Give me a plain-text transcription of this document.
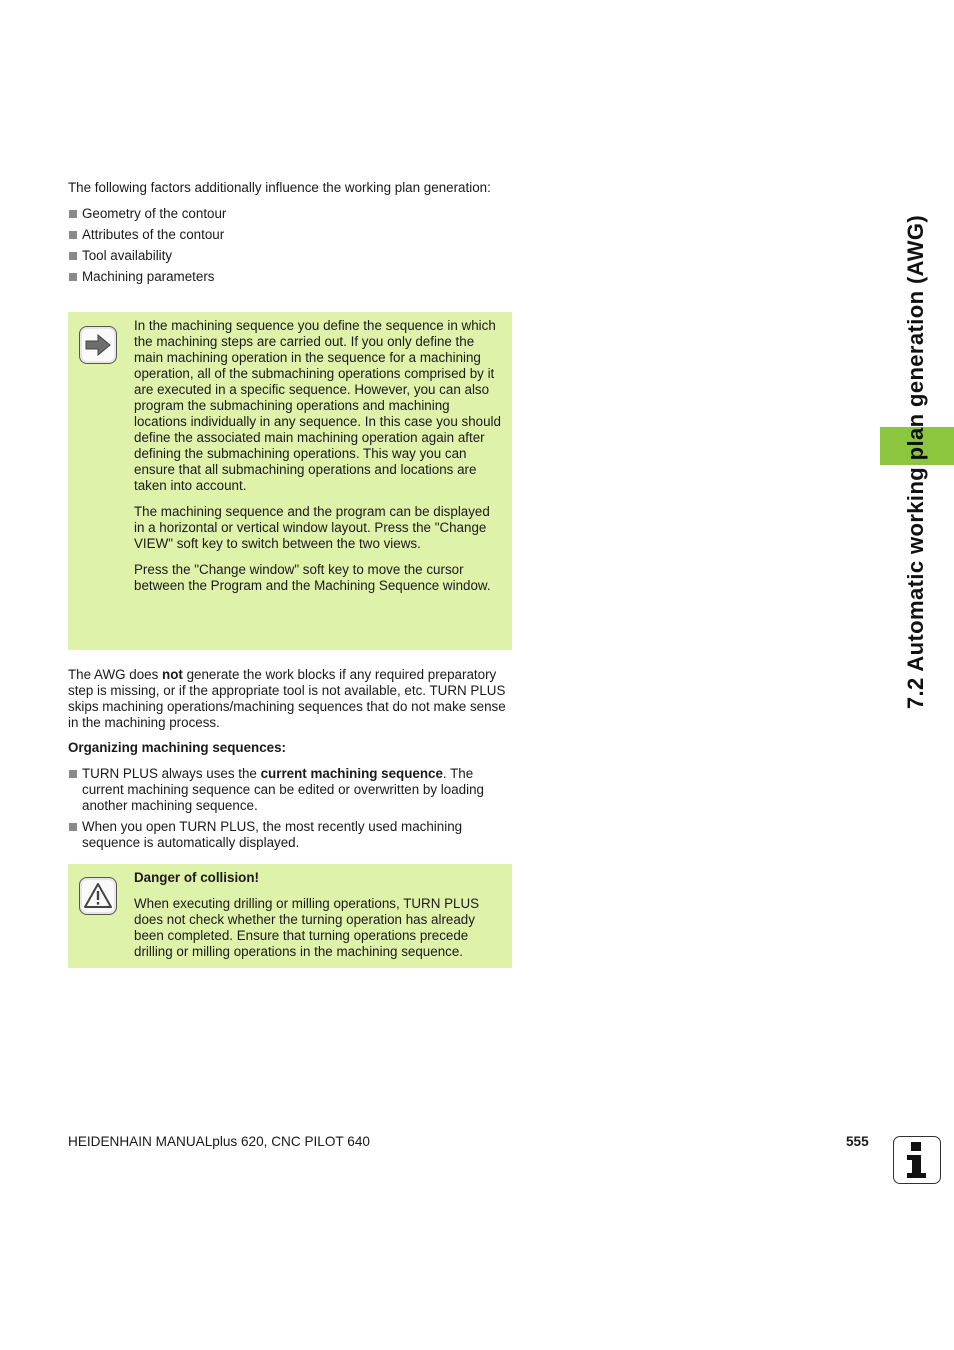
7.2 Automatic working plan generation (AWG)

The following factors additionally influence the working plan generation:

Geometry of the contour
Attributes of the contour
Tool availability
Machining parameters

In the machining sequence you define the sequence in which the machining steps are carried out. If you only define the main machining operation in the sequence for a machining operation, all of the submachining operations comprised by it are executed in a specific sequence. However, you can also program the submachining operations and machining locations individually in any sequence. In this case you should define the associated main machining operation again after defining the submachining operations. This way you can ensure that all submachining operations and locations are taken into account.

The machining sequence and the program can be displayed in a horizontal or vertical window layout. Press the "Change VIEW" soft key to switch between the two views.

Press the "Change window" soft key to move the cursor between the Program and the Machining Sequence window.

The AWG does not generate the work blocks if any required preparatory step is missing, or if the appropriate tool is not available, etc. TURN PLUS skips machining operations/machining sequences that do not make sense in the machining process.

Organizing machining sequences:

TURN PLUS always uses the current machining sequence. The current machining sequence can be edited or overwritten by loading another machining sequence.
When you open TURN PLUS, the most recently used machining sequence is automatically displayed.

Danger of collision!

When executing drilling or milling operations, TURN PLUS does not check whether the turning operation has already been completed. Ensure that turning operations precede drilling or milling operations in the machining sequence.

HEIDENHAIN MANUALplus 620, CNC PILOT 640	555
